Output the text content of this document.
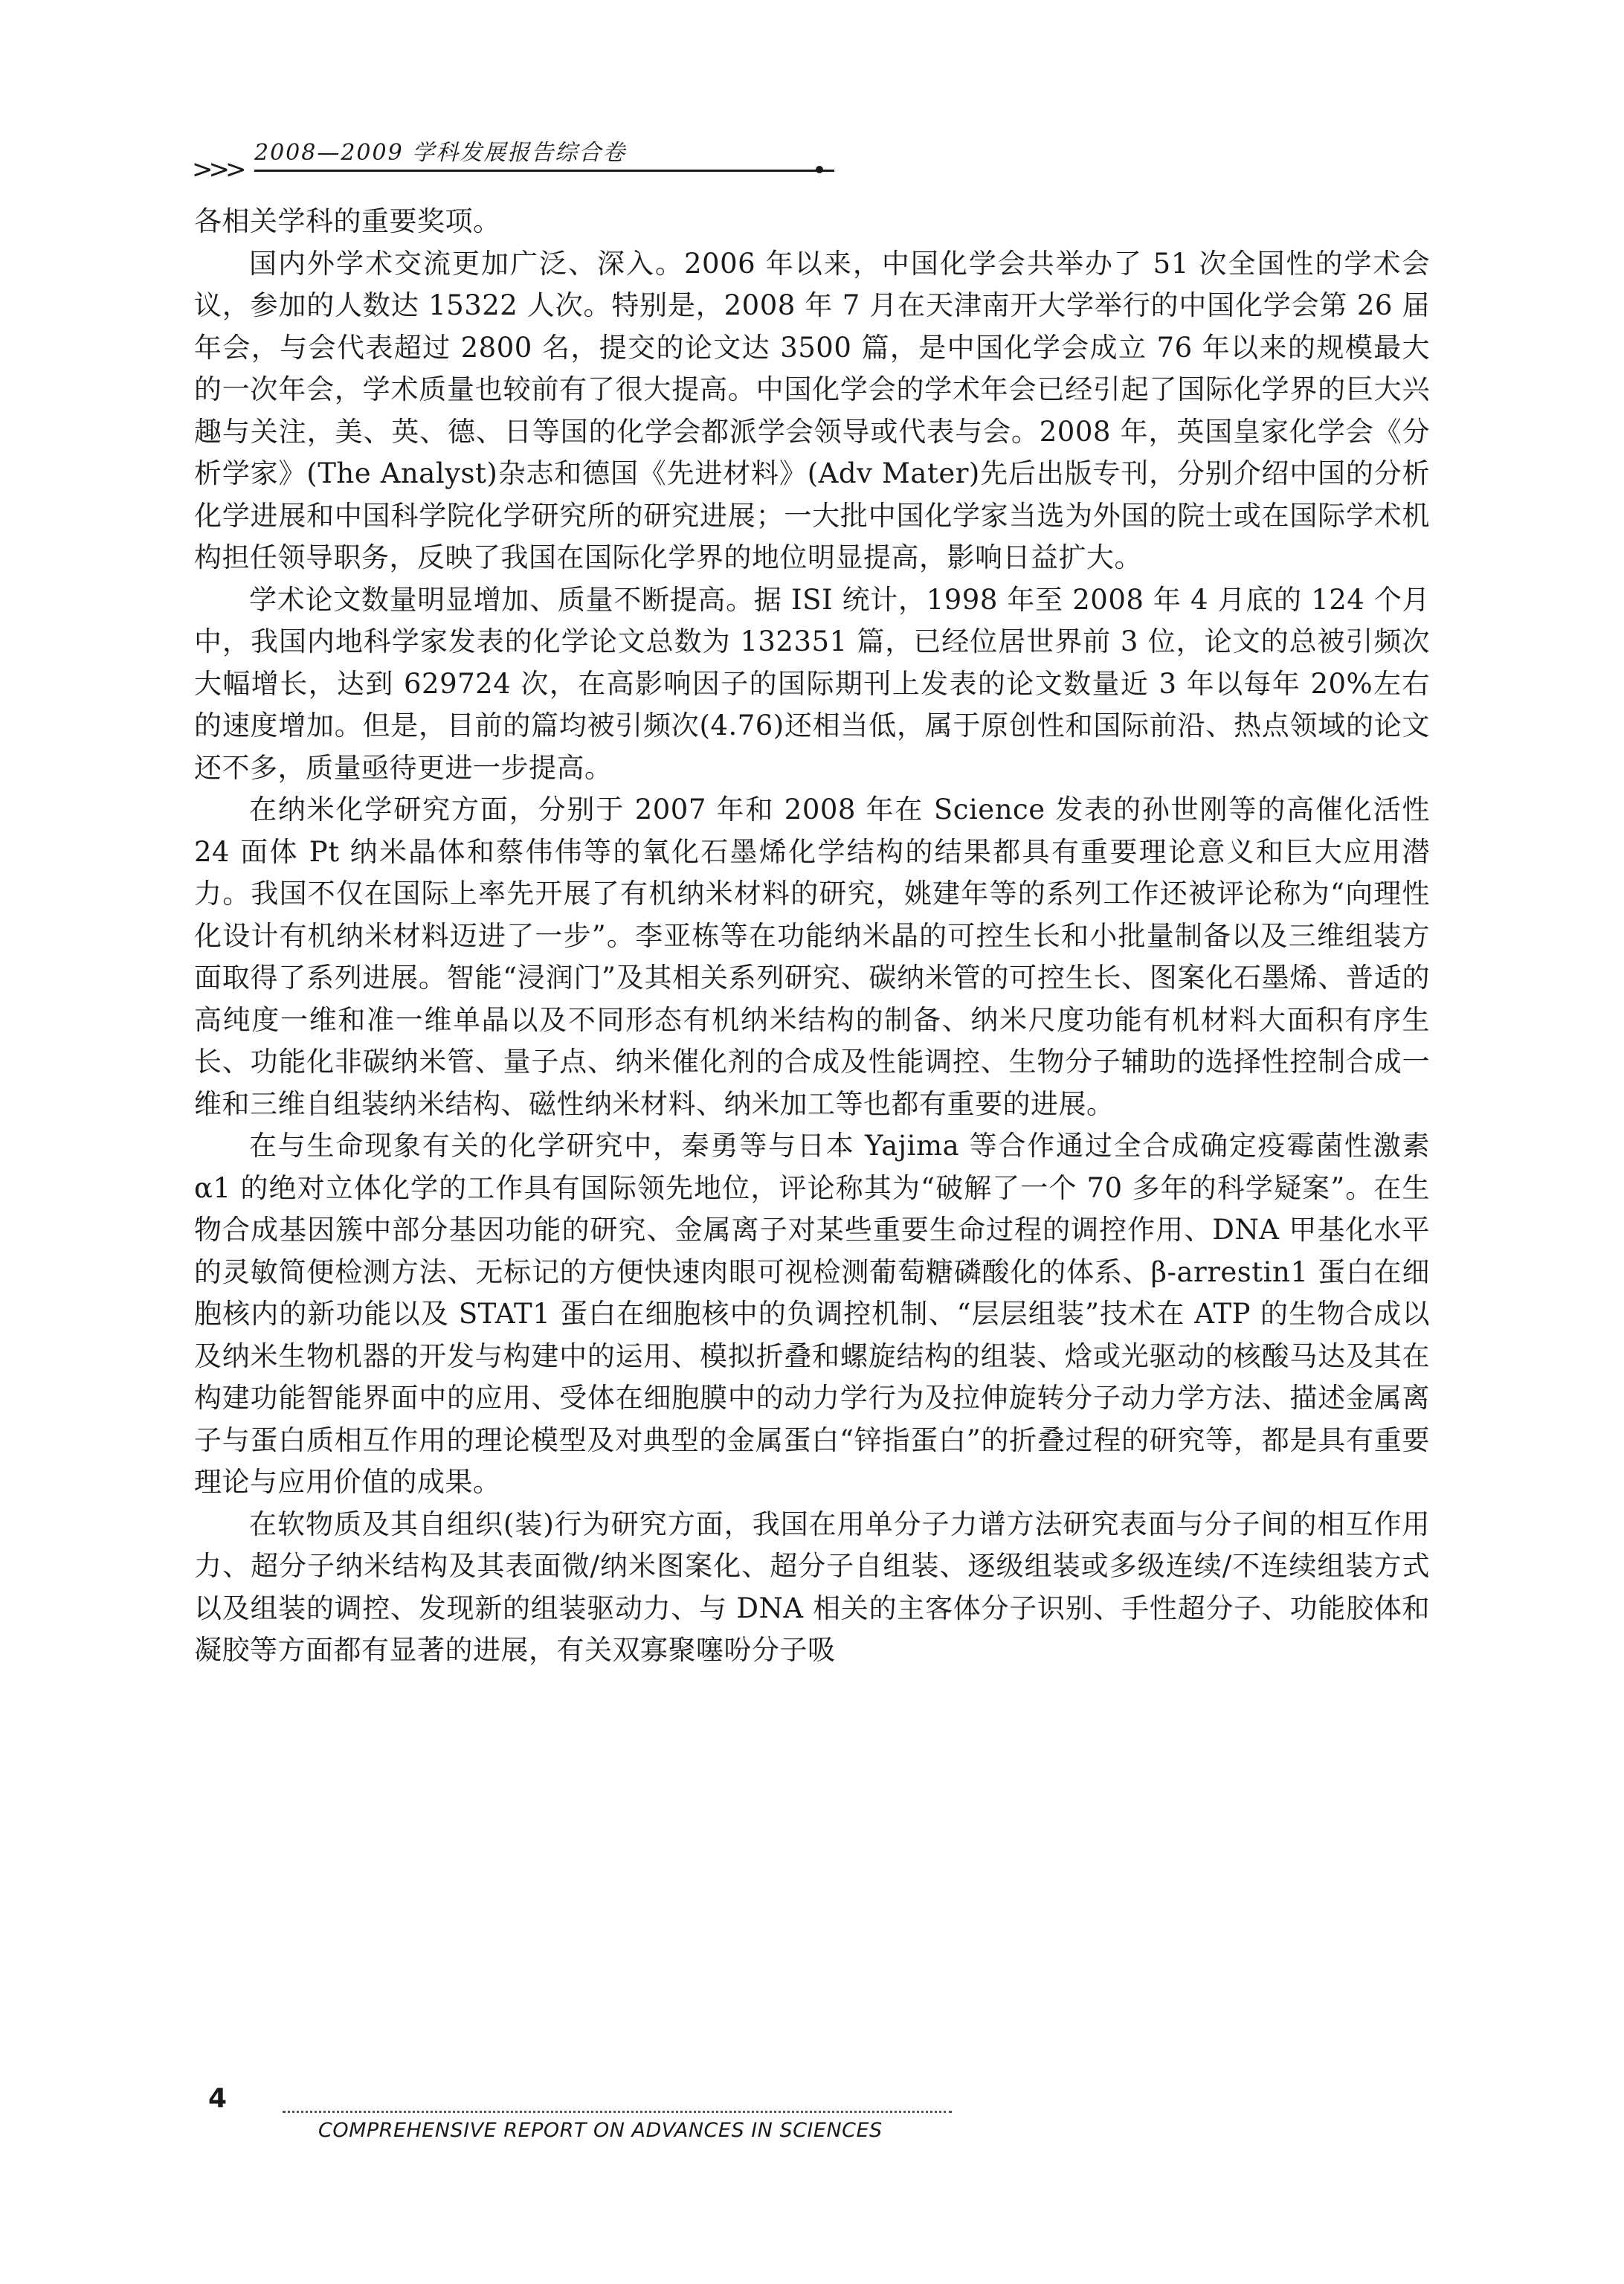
>>>
2008—2009 学科发展报告综合卷

各相关学科的重要奖项。

国内外学术交流更加广泛、深入。2006 年以来，中国化学会共举办了 51 次全国性的学术会议，参加的人数达 15322 人次。特别是，2008 年 7 月在天津南开大学举行的中国化学会第 26 届年会，与会代表超过 2800 名，提交的论文达 3500 篇，是中国化学会成立 76 年以来的规模最大的一次年会，学术质量也较前有了很大提高。中国化学会的学术年会已经引起了国际化学界的巨大兴趣与关注，美、英、德、日等国的化学会都派学会领导或代表与会。2008 年，英国皇家化学会《分析学家》(The Analyst)杂志和德国《先进材料》(Adv Mater)先后出版专刊，分别介绍中国的分析化学进展和中国科学院化学研究所的研究进展；一大批中国化学家当选为外国的院士或在国际学术机构担任领导职务，反映了我国在国际化学界的地位明显提高，影响日益扩大。

学术论文数量明显增加、质量不断提高。据 ISI 统计，1998 年至 2008 年 4 月底的 124 个月中，我国内地科学家发表的化学论文总数为 132351 篇，已经位居世界前 3 位，论文的总被引频次大幅增长，达到 629724 次，在高影响因子的国际期刊上发表的论文数量近 3 年以每年 20%左右的速度增加。但是，目前的篇均被引频次(4.76)还相当低，属于原创性和国际前沿、热点领域的论文还不多，质量亟待更进一步提高。

在纳米化学研究方面，分别于 2007 年和 2008 年在 Science 发表的孙世刚等的高催化活性 24 面体 Pt 纳米晶体和蔡伟伟等的氧化石墨烯化学结构的结果都具有重要理论意义和巨大应用潜力。我国不仅在国际上率先开展了有机纳米材料的研究，姚建年等的系列工作还被评论称为“向理性化设计有机纳米材料迈进了一步”。李亚栋等在功能纳米晶的可控生长和小批量制备以及三维组装方面取得了系列进展。智能“浸润门”及其相关系列研究、碳纳米管的可控生长、图案化石墨烯、普适的高纯度一维和准一维单晶以及不同形态有机纳米结构的制备、纳米尺度功能有机材料大面积有序生长、功能化非碳纳米管、量子点、纳米催化剂的合成及性能调控、生物分子辅助的选择性控制合成一维和三维自组装纳米结构、磁性纳米材料、纳米加工等也都有重要的进展。

在与生命现象有关的化学研究中，秦勇等与日本 Yajima 等合作通过全合成确定疫霉菌性激素 α1 的绝对立体化学的工作具有国际领先地位，评论称其为“破解了一个 70 多年的科学疑案”。在生物合成基因簇中部分基因功能的研究、金属离子对某些重要生命过程的调控作用、DNA 甲基化水平的灵敏简便检测方法、无标记的方便快速肉眼可视检测葡萄糖磷酸化的体系、β-arrestin1 蛋白在细胞核内的新功能以及 STAT1 蛋白在细胞核中的负调控机制、“层层组装”技术在 ATP 的生物合成以及纳米生物机器的开发与构建中的运用、模拟折叠和螺旋结构的组装、焓或光驱动的核酸马达及其在构建功能智能界面中的应用、受体在细胞膜中的动力学行为及拉伸旋转分子动力学方法、描述金属离子与蛋白质相互作用的理论模型及对典型的金属蛋白“锌指蛋白”的折叠过程的研究等，都是具有重要理论与应用价值的成果。

在软物质及其自组织(装)行为研究方面，我国在用单分子力谱方法研究表面与分子间的相互作用力、超分子纳米结构及其表面微/纳米图案化、超分子自组装、逐级组装或多级连续/不连续组装方式以及组装的调控、发现新的组装驱动力、与 DNA 相关的主客体分子识别、手性超分子、功能胶体和凝胶等方面都有显著的进展，有关双寡聚噻吩分子吸

4
COMPREHENSIVE REPORT ON ADVANCES IN SCIENCES
